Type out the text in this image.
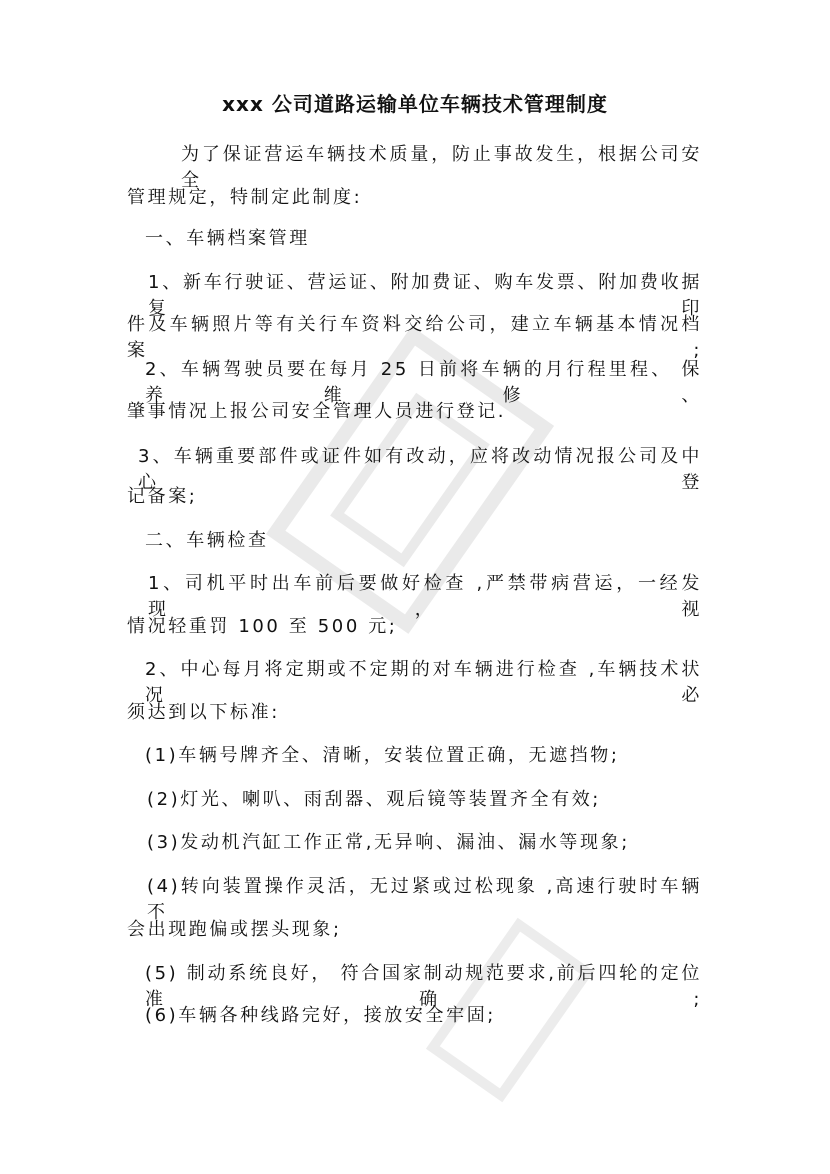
xxx 公司道路运输单位车辆技术管理制度
为了保证营运车辆技术质量，防止事故发生，根据公司安全
管理规定，特制定此制度:
一、车辆档案管理
1、新车行驶证、营运证、附加费证、购车发票、附加费收据复印
件及车辆照片等有关行车资料交给公司，建立车辆基本情况档案;
2、车辆驾驶员要在每月 25 日前将车辆的月行程里程、 保养维修、
肇事情况上报公司安全管理人员进行登记.
3、车辆重要部件或证件如有改动，应将改动情况报公司及中心登
记备案;
二、车辆检查
1、司机平时出车前后要做好检查 ,严禁带病营运，一经发现，视
情况轻重罚 100 至 500 元;
2、中心每月将定期或不定期的对车辆进行检查 ,车辆技术状况必
须达到以下标准:
(1)车辆号牌齐全、清晰，安装位置正确，无遮挡物;
(2)灯光、喇叭、雨刮器、观后镜等装置齐全有效;
(3)发动机汽缸工作正常,无异响、漏油、漏水等现象;
(4)转向装置操作灵活，无过紧或过松现象 ,高速行驶时车辆不
会出现跑偏或摆头现象;
(5) 制动系统良好， 符合国家制动规范要求,前后四轮的定位准确;
(6)车辆各种线路完好，接放安全牢固;
